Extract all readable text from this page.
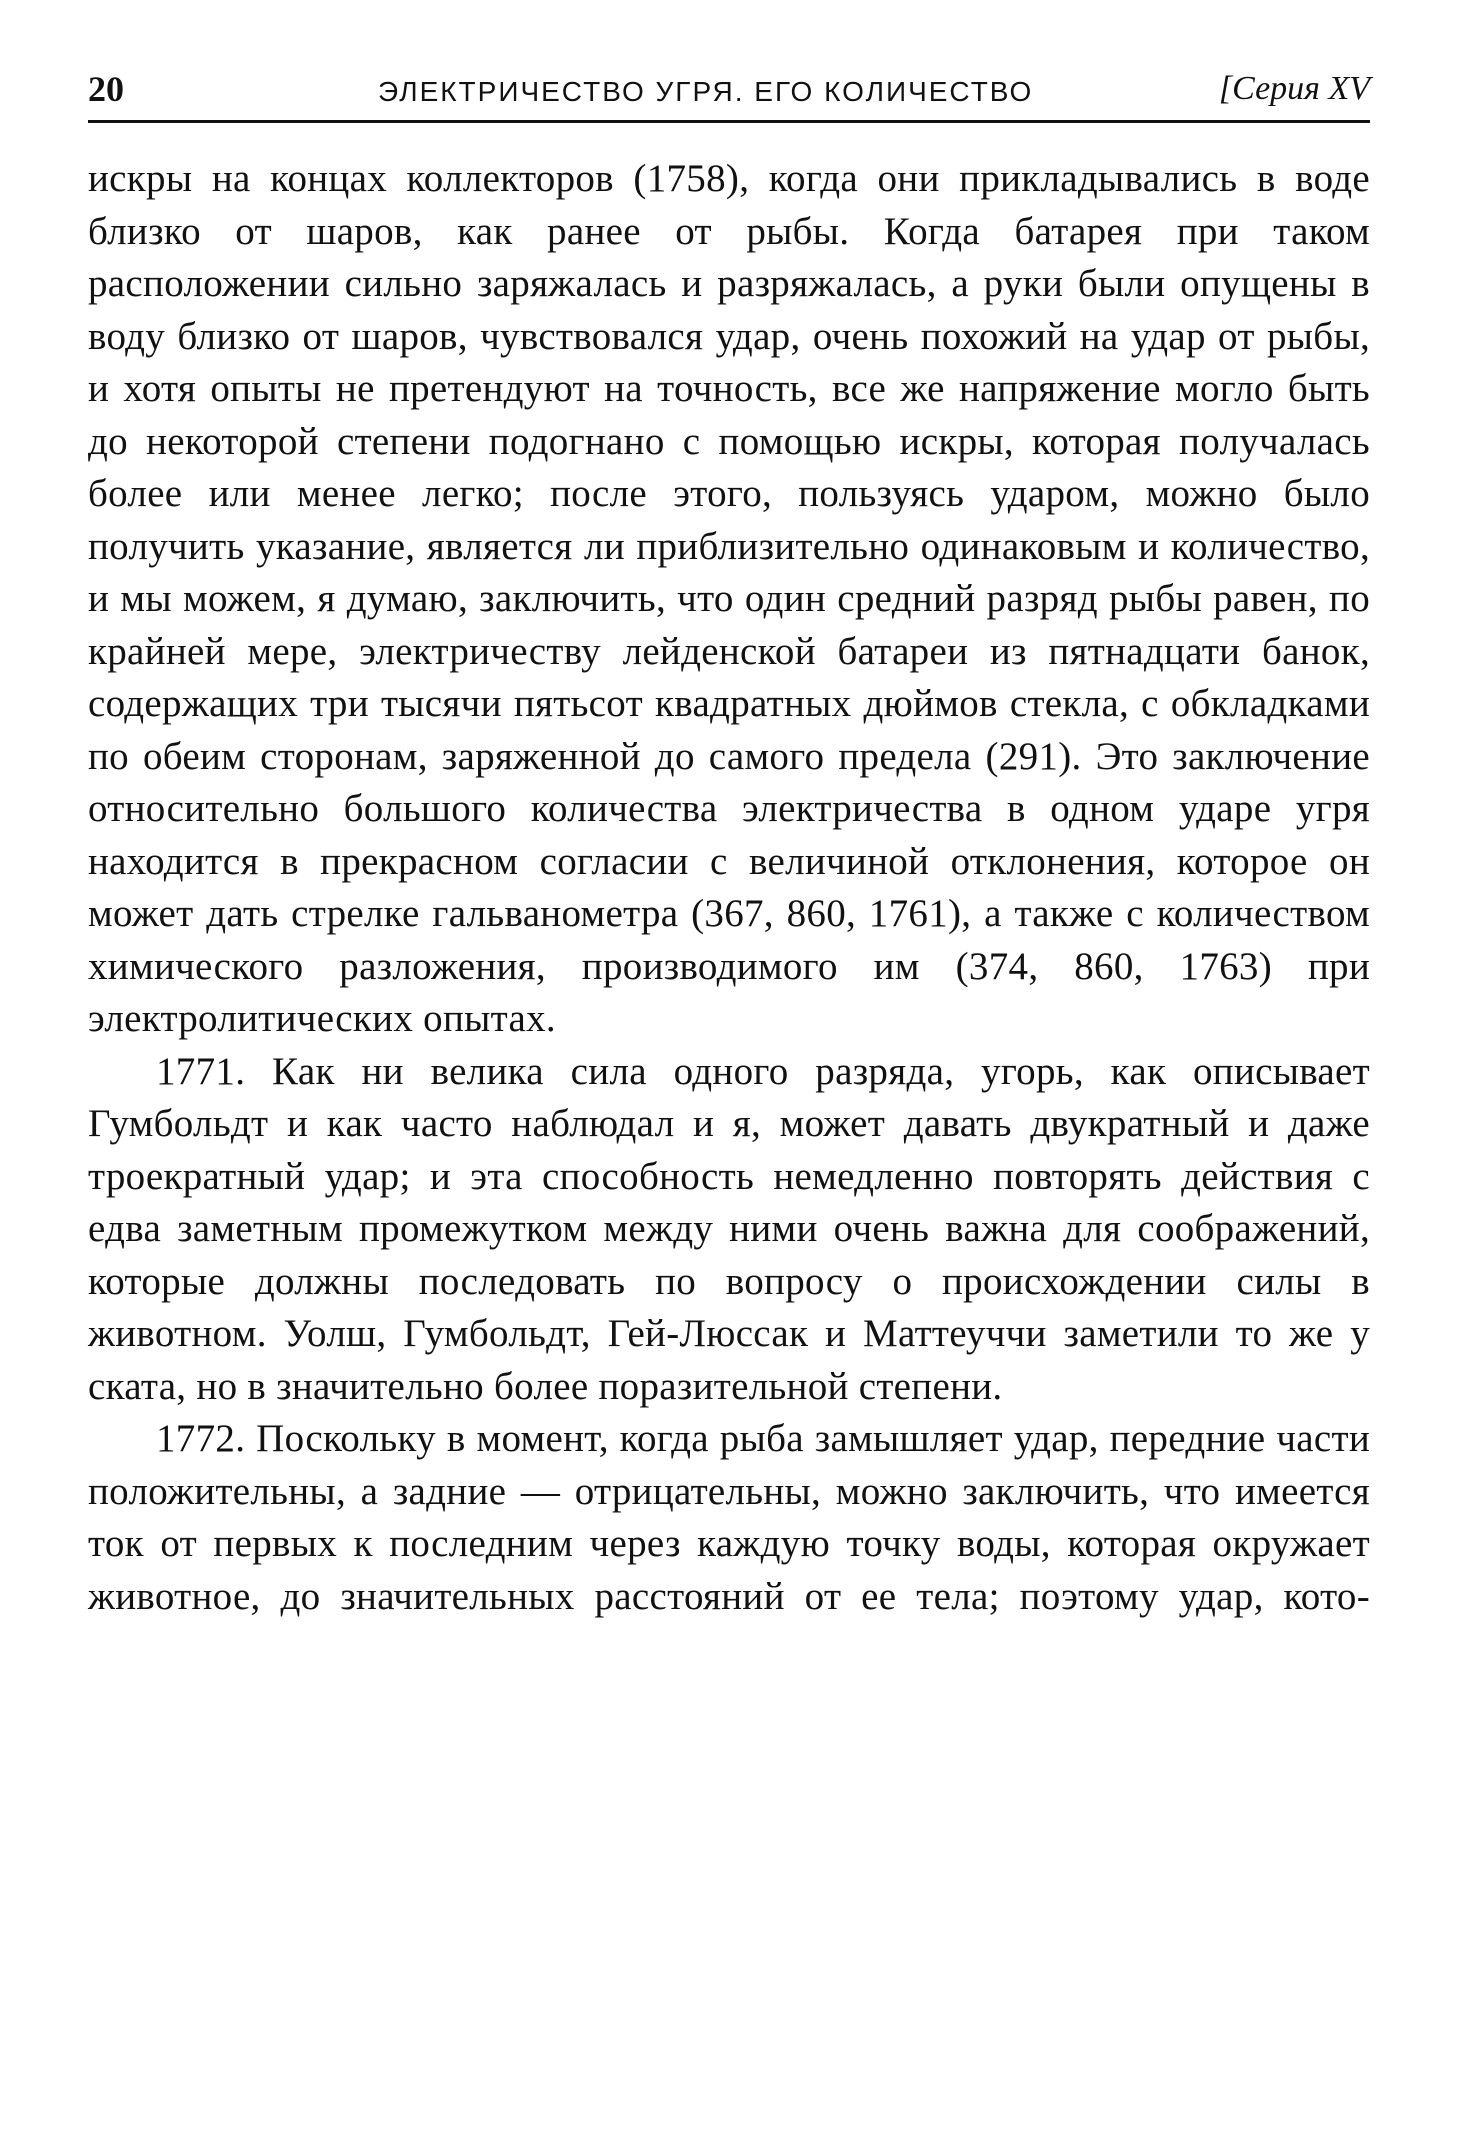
20	ЭЛЕКТРИЧЕСТВО УГРЯ. ЕГО КОЛИЧЕСТВО	[Серия XV

искры на концах коллекторов (1758), когда они прикладывались в воде близко от шаров, как ранее от рыбы. Когда батарея при таком расположении сильно заряжалась и разряжалась, а руки были опущены в воду близко от шаров, чувствовался удар, очень похожий на удар от рыбы, и хотя опыты не претендуют на точность, все же напряжение могло быть до некоторой степени подогнано с помощью искры, которая получалась более или менее легко; после этого, пользуясь ударом, можно было получить указание, является ли приблизительно одинаковым и количество, и мы можем, я думаю, заключить, что один средний разряд рыбы равен, по крайней мере, электричеству лейденской батареи из пятнадцати банок, содержащих три тысячи пятьсот квадратных дюймов стекла, с обкладками по обеим сторонам, заряженной до самого предела (291). Это заключение относительно большого количества электричества в одном ударе угря находится в прекрасном согласии с величиной отклонения, которое он может дать стрелке гальванометра (367, 860, 1761), а также с количеством химического разложения, производимого им (374, 860, 1763) при электролитических опытах.

1771. Как ни велика сила одного разряда, угорь, как описывает Гумбольдт и как часто наблюдал и я, может давать двукратный и даже троекратный удар; и эта способность немедленно повторять действия с едва заметным промежутком между ними очень важна для соображений, которые должны последовать по вопросу о происхождении силы в животном. Уолш, Гумбольдт, Гей-Люссак и Маттеуччи заметили то же у ската, но в значительно более поразительной степени.

1772. Поскольку в момент, когда рыба замышляет удар, передние части положительны, а задние — отрицательны, можно заключить, что имеется ток от первых к последним через каждую точку воды, которая окружает животное, до значительных расстояний от ее тела; поэтому удар, кото-
